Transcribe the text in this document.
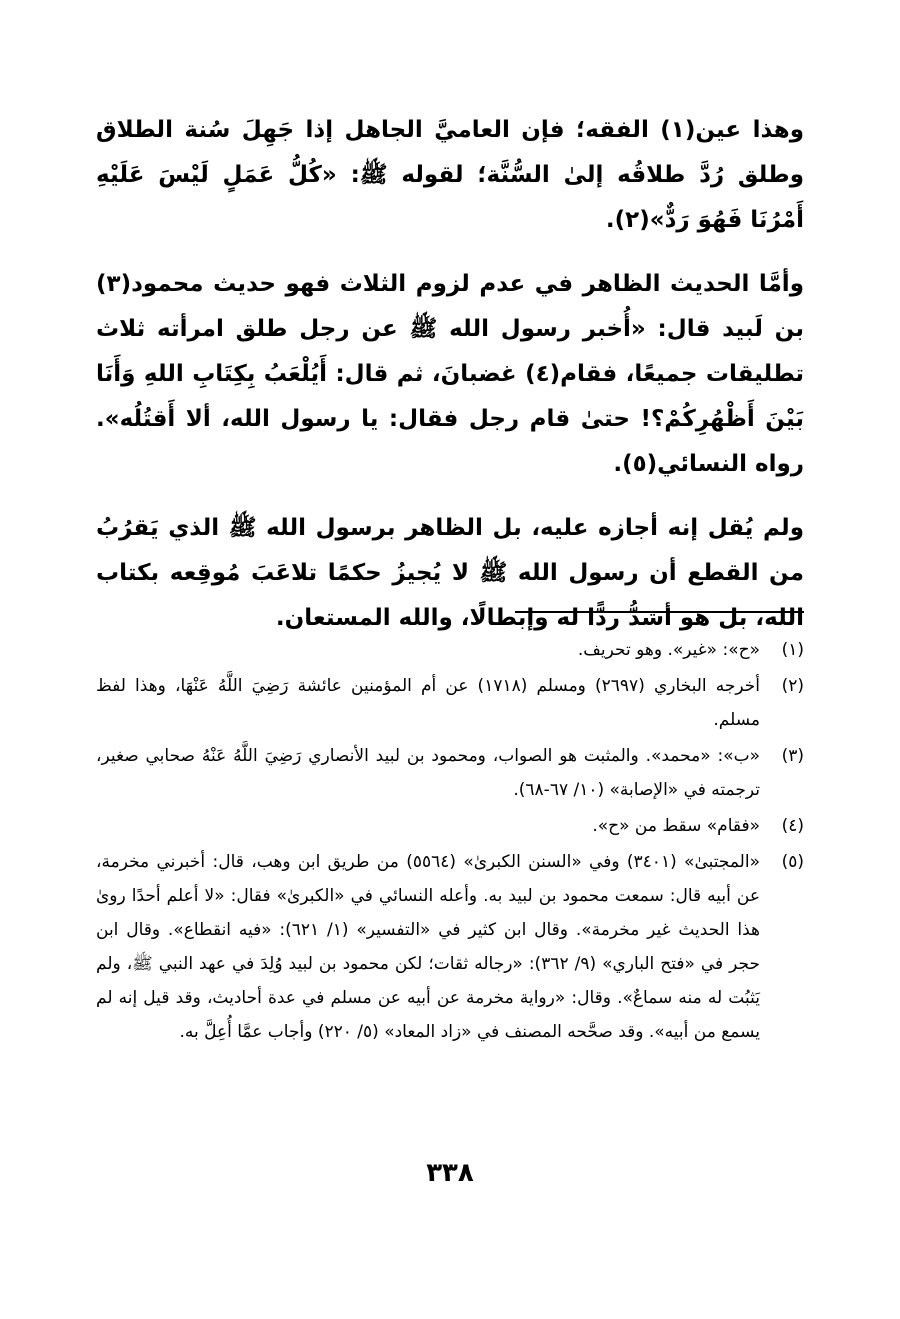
وهذا عين(١) الفقه؛ فإن العاميَّ الجاهل إذا جَهِلَ سُنة الطلاق وطلق رُدَّ طلاقُه إلىٰ السُّنَّة؛ لقوله ﷺ: «كُلُّ عَمَلٍ لَيْسَ عَلَيْهِ أَمْرُنَا فَهُوَ رَدٌّ»(٢).

وأمَّا الحديث الظاهر في عدم لزوم الثلاث فهو حديث محمود(٣) بن لَبيد قال: «أُخبر رسول الله ﷺ عن رجل طلق امرأته ثلاث تطليقات جميعًا، فقام(٤) غضبانَ، ثم قال: أَيُلْعَبُ بِكِتَابِ اللهِ وَأَنَا بَيْنَ أَظْهُرِكُمْ؟! حتىٰ قام رجل فقال: يا رسول الله، ألا أَقتُلُه». رواه النسائي(٥).

ولم يُقل إنه أجازه عليه، بل الظاهر برسول الله ﷺ الذي يَقرُبُ من القطع أن رسول الله ﷺ لا يُجيزُ حكمًا تلاعَبَ مُوقِعه بكتاب الله، بل هو أشدُّ ردًّا له وإبطالًا، والله المستعان.

(١)
«ح»: «غير». وهو تحريف.
(٢)
أخرجه البخاري (٢٦٩٧) ومسلم (١٧١٨) عن أم المؤمنين عائشة رَضِيَ اللَّهُ عَنْهَا، وهذا لفظ مسلم.
(٣)
«ب»: «محمد». والمثبت هو الصواب، ومحمود بن لبيد الأنصاري رَضِيَ اللَّهُ عَنْهُ صحابي صغير، ترجمته في «الإصابة» (١٠/ ٦٧-٦٨).
(٤)
«فقام» سقط من «ح».
(٥)
«المجتبىٰ» (٣٤٠١) وفي «السنن الكبرىٰ» (٥٥٦٤) من طريق ابن وهب، قال: أخبرني مخرمة، عن أبيه قال: سمعت محمود بن لبيد به. وأعله النسائي في «الكبرىٰ» فقال: «لا أعلم أحدًا روىٰ هذا الحديث غير مخرمة». وقال ابن كثير في «التفسير» (١/ ٦٢١): «فيه انقطاع». وقال ابن حجر في «فتح الباري» (٩/ ٣٦٢): «رجاله ثقات؛ لكن محمود بن لبيد وُلِدَ في عهد النبي ﷺ، ولم يَثبُت له منه سماعٌ». وقال: «رواية مخرمة عن أبيه عن مسلم في عدة أحاديث، وقد قيل إنه لم يسمع من أبيه». وقد صحَّحه المصنف في «زاد المعاد» (٥/ ٢٢٠) وأجاب عمَّا أُعِلَّ به.
٣٣٨
